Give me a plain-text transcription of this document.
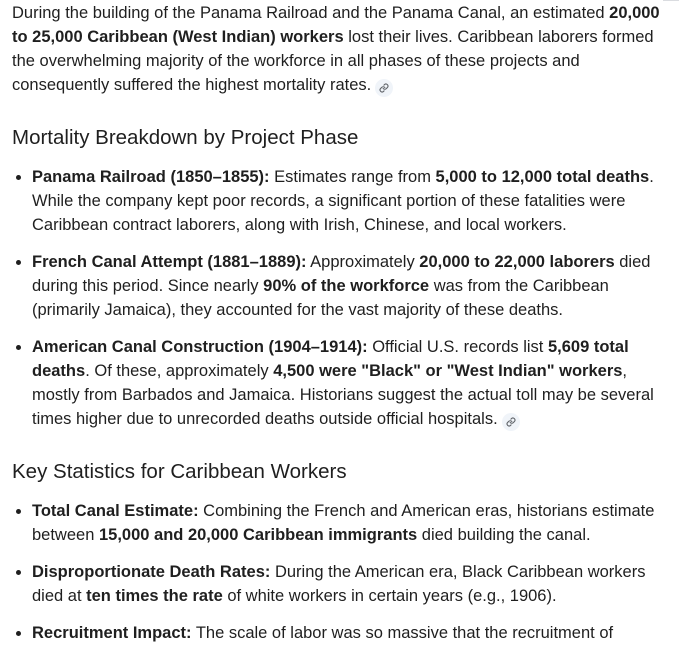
During the building of the Panama Railroad and the Panama Canal, an estimated 20,000 to 25,000 Caribbean (West Indian) workers lost their lives. Caribbean laborers formed the overwhelming majority of the workforce in all phases of these projects and consequently suffered the highest mortality rates.

Mortality Breakdown by Project Phase
Panama Railroad (1850–1855): Estimates range from 5,000 to 12,000 total deaths. While the company kept poor records, a significant portion of these fatalities were Caribbean contract laborers, along with Irish, Chinese, and local workers.
French Canal Attempt (1881–1889): Approximately 20,000 to 22,000 laborers died during this period. Since nearly 90% of the workforce was from the Caribbean (primarily Jamaica), they accounted for the vast majority of these deaths.
American Canal Construction (1904–1914): Official U.S. records list 5,609 total deaths. Of these, approximately 4,500 were "Black" or "West Indian" workers, mostly from Barbados and Jamaica. Historians suggest the actual toll may be several times higher due to unrecorded deaths outside official hospitals.
Key Statistics for Caribbean Workers
Total Canal Estimate: Combining the French and American eras, historians estimate between 15,000 and 20,000 Caribbean immigrants died building the canal.
Disproportionate Death Rates: During the American era, Black Caribbean workers died at ten times the rate of white workers in certain years (e.g., 1906).
Recruitment Impact: The scale of labor was so massive that the recruitment of
